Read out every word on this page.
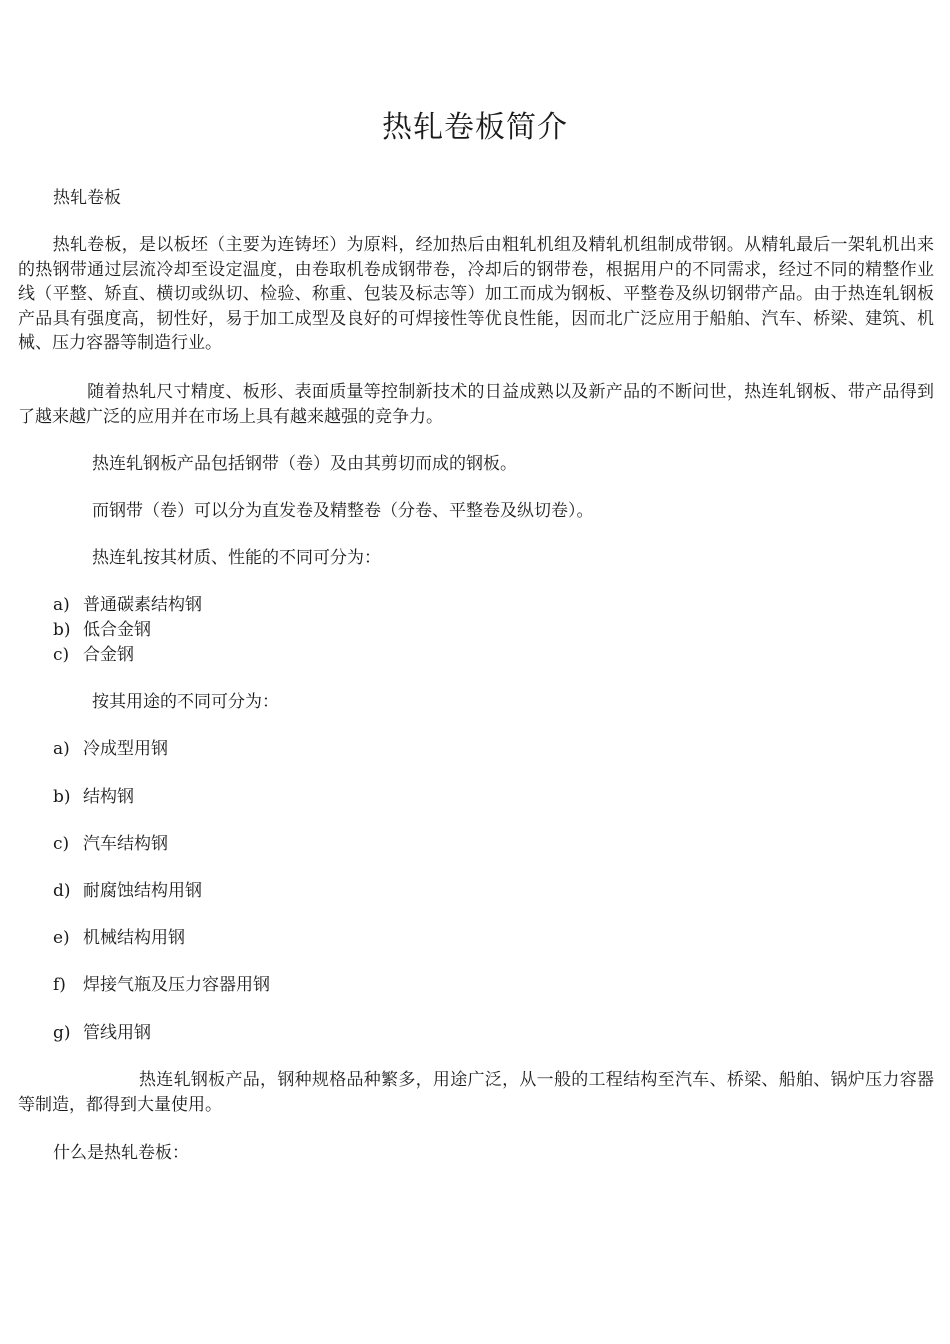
热轧卷板简介
热轧卷板
　　热轧卷板，是以板坯（主要为连铸坯）为原料，经加热后由粗轧机组及精轧机组制成带钢。从精轧最后一架轧机出来的热钢带通过层流冷却至设定温度，由卷取机卷成钢带卷，冷却后的钢带卷，根据用户的不同需求，经过不同的精整作业线（平整、矫直、横切或纵切、检验、称重、包装及标志等）加工而成为钢板、平整卷及纵切钢带产品。由于热连轧钢板产品具有强度高，韧性好，易于加工成型及良好的可焊接性等优良性能，因而北广泛应用于船舶、汽车、桥梁、建筑、机械、压力容器等制造行业。
　　　　随着热轧尺寸精度、板形、表面质量等控制新技术的日益成熟以及新产品的不断问世，热连轧钢板、带产品得到了越来越广泛的应用并在市场上具有越来越强的竞争力。
热连轧钢板产品包括钢带（卷）及由其剪切而成的钢板。
而钢带（卷）可以分为直发卷及精整卷（分卷、平整卷及纵切卷）。
热连轧按其材质、性能的不同可分为：
a) 普通碳素结构钢
b) 低合金钢
c) 合金钢
按其用途的不同可分为：
a) 冷成型用钢
b) 结构钢
c) 汽车结构钢
d) 耐腐蚀结构用钢
e) 机械结构用钢
f) 焊接气瓶及压力容器用钢
g) 管线用钢
　　　　　　　热连轧钢板产品，钢种规格品种繁多，用途广泛，从一般的工程结构至汽车、桥梁、船舶、锅炉压力容器等制造，都得到大量使用。
什么是热轧卷板：
